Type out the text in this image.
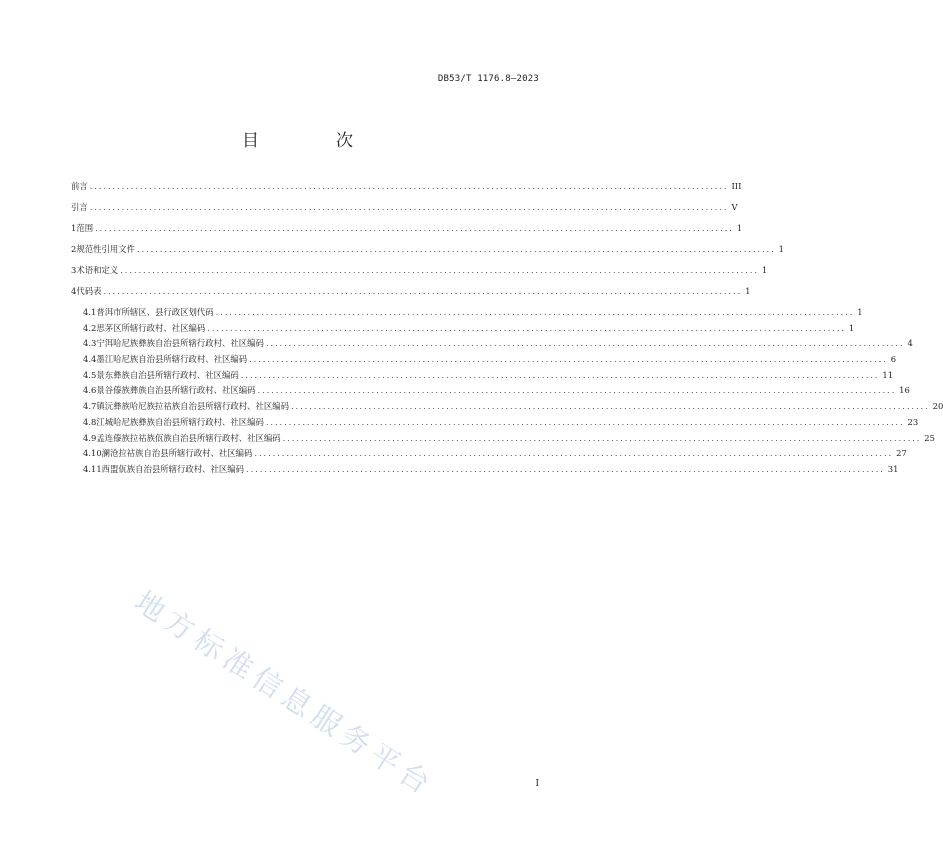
DB53/T 1176.8—2023
目　次
前言 ............................................................................................................................................ III
引言 ............................................................................................................................................ V
1 范围 ............................................................................................................................................ 1
2 规范性引用文件 ............................................................................................................................................ 1
3 术语和定义 ............................................................................................................................................ 1
4 代码表 ............................................................................................................................................ 1
4.1 普洱市所辖区、县行政区划代码 ............................................................................................................................................ 1
4.2 思茅区所辖行政村、社区编码 ............................................................................................................................................ 1
4.3 宁洱哈尼族彝族自治县所辖行政村、社区编码 ............................................................................................................................................ 4
4.4 墨江哈尼族自治县所辖行政村、社区编码 ............................................................................................................................................ 6
4.5 景东彝族自治县所辖行政村、社区编码 ............................................................................................................................................ 11
4.6 景谷傣族彝族自治县所辖行政村、社区编码 ............................................................................................................................................ 16
4.7 镇沅彝族哈尼族拉祜族自治县所辖行政村、社区编码 ............................................................................................................................................ 20
4.8 江城哈尼族彝族自治县所辖行政村、社区编码 ............................................................................................................................................ 23
4.9 孟连傣族拉祜族佤族自治县所辖行政村、社区编码 ............................................................................................................................................ 25
4.10 澜沧拉祜族自治县所辖行政村、社区编码 ............................................................................................................................................ 27
4.11 西盟佤族自治县所辖行政村、社区编码 ............................................................................................................................................ 31
地方标准信息服务平台	I
